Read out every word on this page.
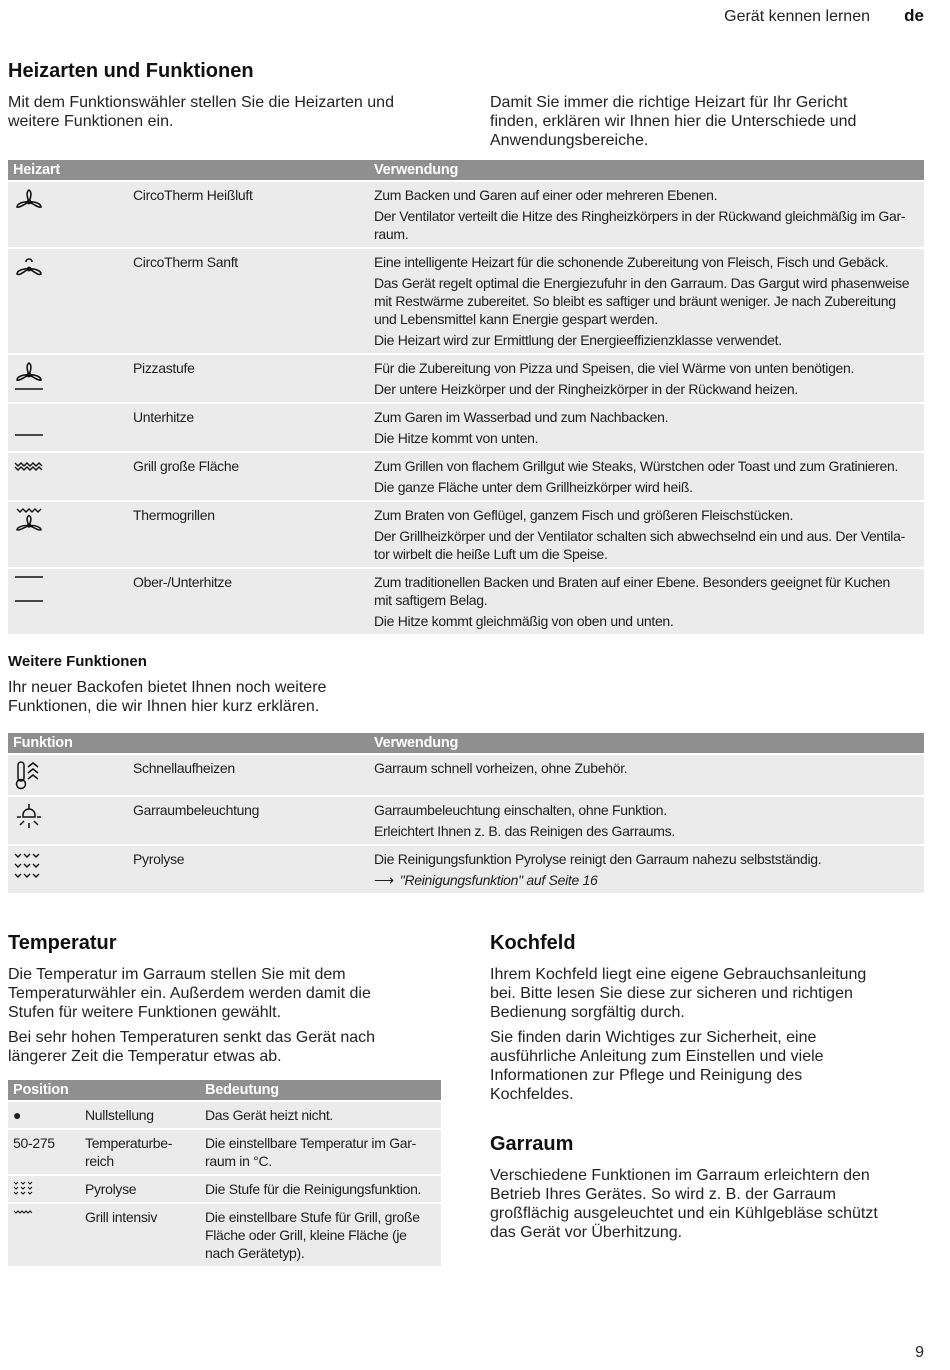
Gerät kennen lernen de
Heizarten und Funktionen

Mit dem Funktionswähler stellen Sie die Heizarten und
weitere Funktionen ein.

Damit Sie immer die richtige Heizart für Ihr Gericht
finden, erklären wir Ihnen hier die Unterschiede und
Anwendungsbereiche.

Heizart		Verwendung

	CircoTherm Heißluft	Zum Backen und Garen auf einer oder mehreren Ebenen.

Der Ventilator verteilt die Hitze des Ringheizkörpers in der Rückwand gleichmäßig im Gar-
raum.

	CircoTherm Sanft	Eine intelligente Heizart für die schonende Zubereitung von Fleisch, Fisch und Gebäck.

Das Gerät regelt optimal die Energiezufuhr in den Garraum. Das Gargut wird phasenweise
mit Restwärme zubereitet. So bleibt es saftiger und bräunt weniger. Je nach Zubereitung
und Lebensmittel kann Energie gespart werden.

Die Heizart wird zur Ermittlung der Energieeffizienzklasse verwendet.

	Pizzastufe	Für die Zubereitung von Pizza und Speisen, die viel Wärme von unten benötigen.

Der untere Heizkörper und der Ringheizkörper in der Rückwand heizen.

	Unterhitze	Zum Garen im Wasserbad und zum Nachbacken.

Die Hitze kommt von unten.

	Grill große Fläche	Zum Grillen von flachem Grillgut wie Steaks, Würstchen oder Toast und zum Gratinieren.

Die ganze Fläche unter dem Grillheizkörper wird heiß.

	Thermogrillen	Zum Braten von Geflügel, ganzem Fisch und größeren Fleischstücken.

Der Grillheizkörper und der Ventilator schalten sich abwechselnd ein und aus. Der Ventila-
tor wirbelt die heiße Luft um die Speise.

	Ober-/Unterhitze	Zum traditionellen Backen und Braten auf einer Ebene. Besonders geeignet für Kuchen
mit saftigem Belag.

Die Hitze kommt gleichmäßig von oben und unten.

Weitere Funktionen

Ihr neuer Backofen bietet Ihnen noch weitere
Funktionen, die wir Ihnen hier kurz erklären.

Funktion		Verwendung

	Schnellaufheizen	Garraum schnell vorheizen, ohne Zubehör.

	Garraumbeleuchtung	Garraumbeleuchtung einschalten, ohne Funktion.

Erleichtert Ihnen z. B. das Reinigen des Garraums.

	Pyrolyse	Die Reinigungsfunktion Pyrolyse reinigt den Garraum nahezu selbstständig.

⟶ "Reinigungsfunktion" auf Seite 16

Temperatur

Die Temperatur im Garraum stellen Sie mit dem
Temperaturwähler ein. Außerdem werden damit die
Stufen für weitere Funktionen gewählt.

Bei sehr hohen Temperaturen senkt das Gerät nach
längerer Zeit die Temperatur etwas ab.

Position		Bedeutung
●	Nullstellung	Das Gerät heizt nicht.
50-275	Temperaturbe-
reich	Die einstellbare Temperatur im Gar-
raum in °C.

	Pyrolyse	Die Stufe für die Reinigungsfunktion.

	Grill intensiv	Die einstellbare Stufe für Grill, große
Fläche oder Grill, kleine Fläche (je
nach Gerätetyp).
Kochfeld

Ihrem Kochfeld liegt eine eigene Gebrauchsanleitung
bei. Bitte lesen Sie diese zur sicheren und richtigen
Bedienung sorgfältig durch.

Sie finden darin Wichtiges zur Sicherheit, eine
ausführliche Anleitung zum Einstellen und viele
Informationen zur Pflege und Reinigung des
Kochfeldes.

Garraum

Verschiedene Funktionen im Garraum erleichtern den
Betrieb Ihres Gerätes. So wird z. B. der Garraum
großflächig ausgeleuchtet und ein Kühlgebläse schützt
das Gerät vor Überhitzung.

9
